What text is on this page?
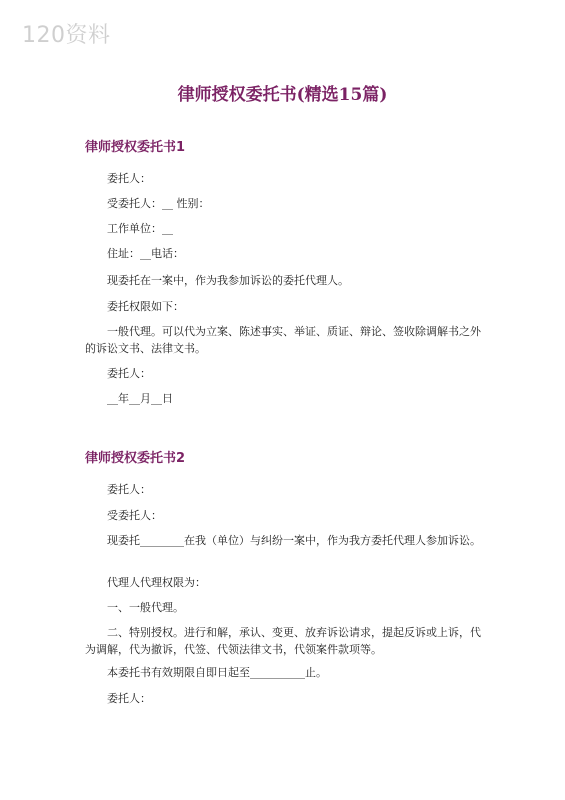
120资料
律师授权委托书(精选15篇)
律师授权委托书1
委托人：
受委托人：__ 性别：
工作单位：__
住址：__电话：
现委托在一案中，作为我参加诉讼的委托代理人。
委托权限如下：
一般代理。可以代为立案、陈述事实、举证、质证、辩论、签收除调解书之外的诉讼文书、法律文书。
委托人：
__年__月__日
律师授权委托书2
委托人：
受委托人：
现委托________在我（单位）与纠纷一案中，作为我方委托代理人参加诉讼。
代理人代理权限为：
一、一般代理。
二、特别授权。进行和解，承认、变更、放弃诉讼请求，提起反诉或上诉，代为调解，代为撤诉，代签、代领法律文书，代领案件款项等。
本委托书有效期限自即日起至__________止。
委托人：
